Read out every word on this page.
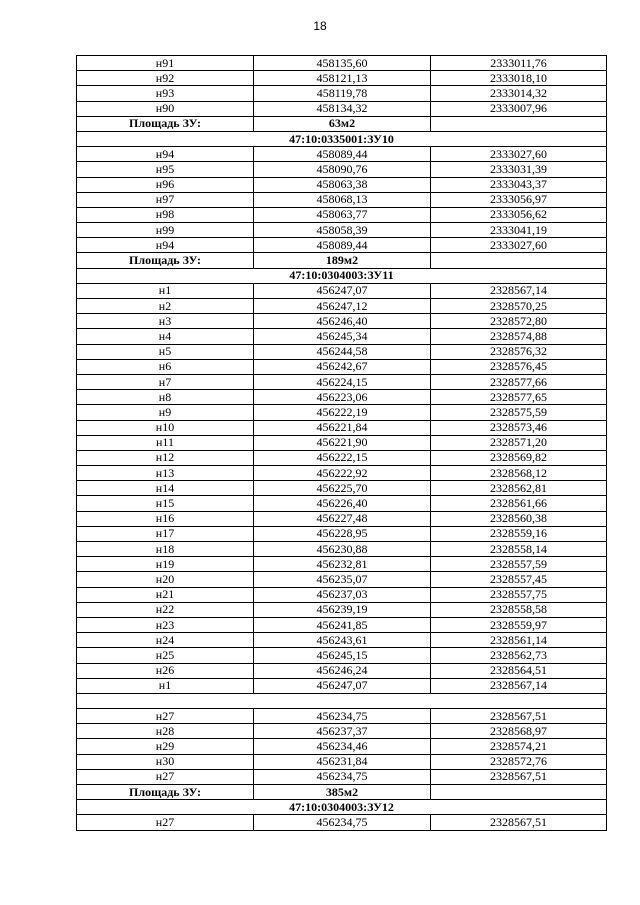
18
н91	458135,60	2333011,76
н92	458121,13	2333018,10
н93	458119,78	2333014,32
н90	458134,32	2333007,96
Площадь ЗУ:	63м2	
47:10:0335001:ЗУ10		
н94	458089,44	2333027,60
н95	458090,76	2333031,39
н96	458063,38	2333043,37
н97	458068,13	2333056,97
н98	458063,77	2333056,62
н99	458058,39	2333041,19
н94	458089,44	2333027,60
Площадь ЗУ:	189м2	
47:10:0304003:ЗУ11		
н1	456247,07	2328567,14
н2	456247,12	2328570,25
н3	456246,40	2328572,80
н4	456245,34	2328574,88
н5	456244,58	2328576,32
н6	456242,67	2328576,45
н7	456224,15	2328577,66
н8	456223,06	2328577,65
н9	456222,19	2328575,59
н10	456221,84	2328573,46
н11	456221,90	2328571,20
н12	456222,15	2328569,82
н13	456222,92	2328568,12
н14	456225,70	2328562,81
н15	456226,40	2328561,66
н16	456227,48	2328560,38
н17	456228,95	2328559,16
н18	456230,88	2328558,14
н19	456232,81	2328557,59
н20	456235,07	2328557,45
н21	456237,03	2328557,75
н22	456239,19	2328558,58
н23	456241,85	2328559,97
н24	456243,61	2328561,14
н25	456245,15	2328562,73
н26	456246,24	2328564,51
н1	456247,07	2328567,14

н27	456234,75	2328567,51
н28	456237,37	2328568,97
н29	456234,46	2328574,21
н30	456231,84	2328572,76
н27	456234,75	2328567,51
Площадь ЗУ:	385м2	
47:10:0304003:ЗУ12		
н27	456234,75	2328567,51
